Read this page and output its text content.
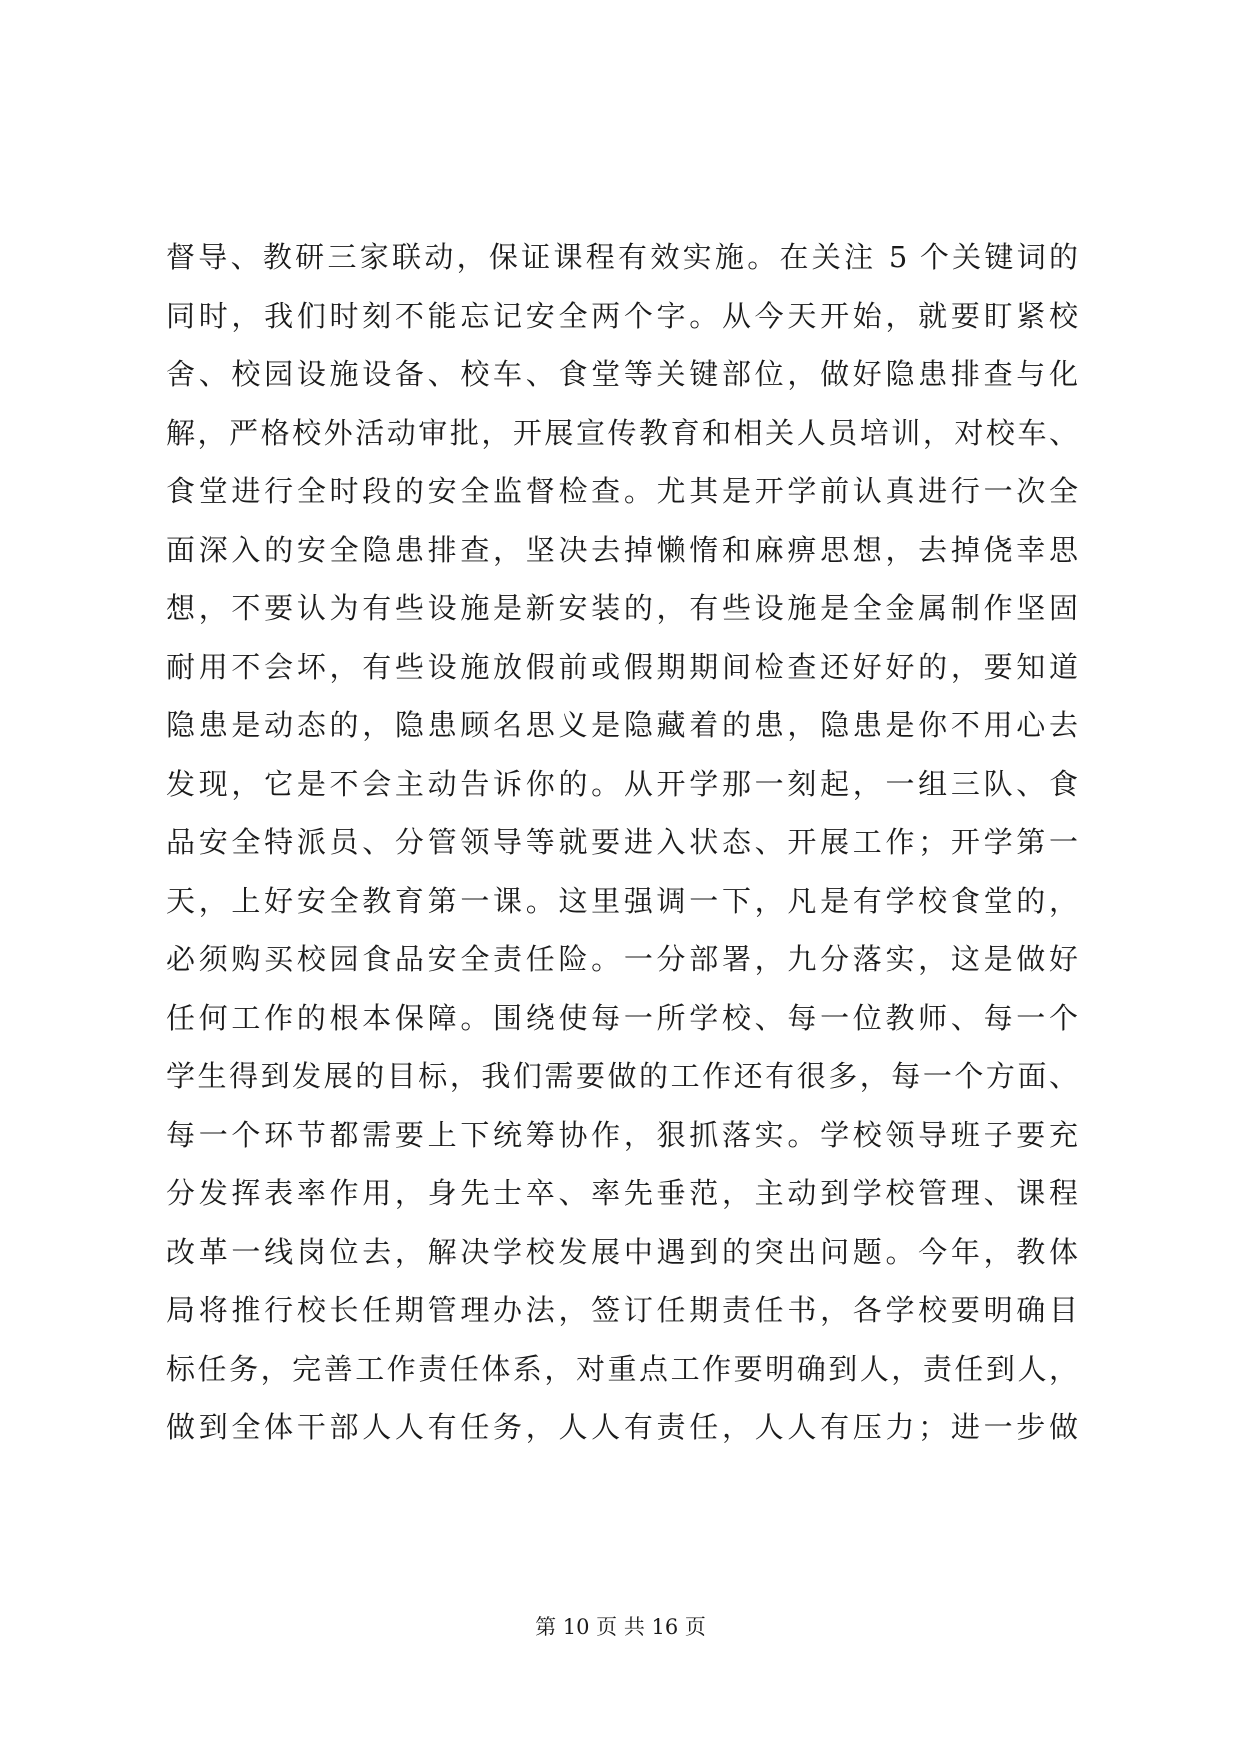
督导、教研三家联动，保证课程有效实施。在关注 5 个关键词的
同时，我们时刻不能忘记安全两个字。从今天开始，就要盯紧校
舍、校园设施设备、校车、食堂等关键部位，做好隐患排查与化
解，严格校外活动审批，开展宣传教育和相关人员培训，对校车、
食堂进行全时段的安全监督检查。尤其是开学前认真进行一次全
面深入的安全隐患排查，坚决去掉懒惰和麻痹思想，去掉侥幸思
想，不要认为有些设施是新安装的，有些设施是全金属制作坚固
耐用不会坏，有些设施放假前或假期期间检查还好好的，要知道
隐患是动态的，隐患顾名思义是隐藏着的患，隐患是你不用心去
发现，它是不会主动告诉你的。从开学那一刻起，一组三队、食
品安全特派员、分管领导等就要进入状态、开展工作；开学第一
天，上好安全教育第一课。这里强调一下，凡是有学校食堂的，
必须购买校园食品安全责任险。一分部署，九分落实，这是做好
任何工作的根本保障。围绕使每一所学校、每一位教师、每一个
学生得到发展的目标，我们需要做的工作还有很多，每一个方面、
每一个环节都需要上下统筹协作，狠抓落实。学校领导班子要充
分发挥表率作用，身先士卒、率先垂范，主动到学校管理、课程
改革一线岗位去，解决学校发展中遇到的突出问题。今年，教体
局将推行校长任期管理办法，签订任期责任书，各学校要明确目
标任务，完善工作责任体系，对重点工作要明确到人，责任到人，
做到全体干部人人有任务，人人有责任，人人有压力；进一步做
第 10 页 共 16 页
